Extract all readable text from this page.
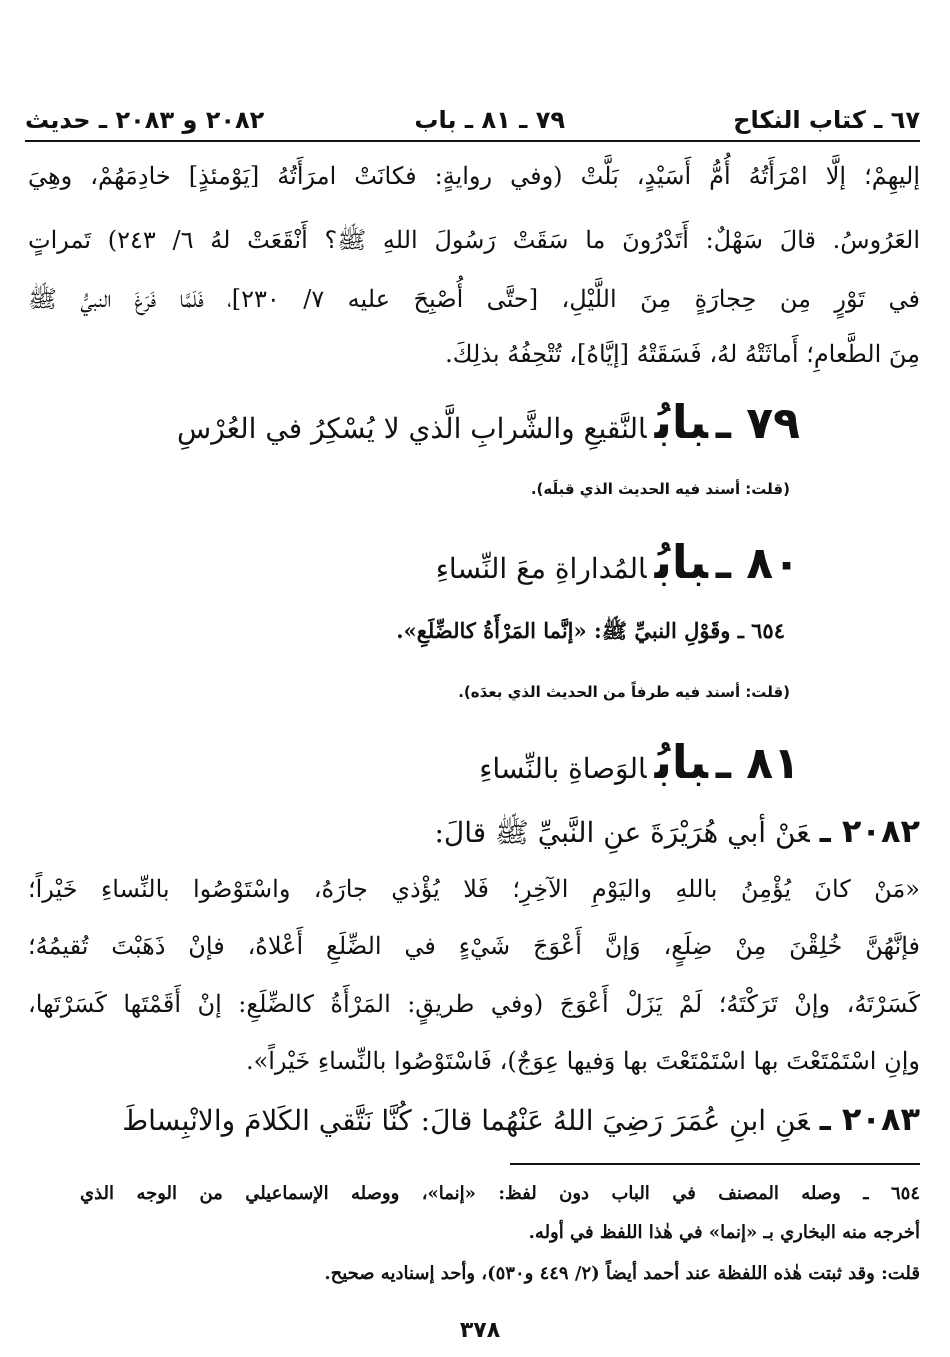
٦٧ ـ كتاب النكاح
٧٩ ـ ٨١ ـ باب
٢٠٨٢ و ٢٠٨٣ ـ حديث
إليهِمْ؛ إلَّا امْرَأَتُهُ أُمُّ أَسَيْدٍ، بَلَّتْ (وفي روايةٍ: فكانَتْ امرَأَتُهُ [يَوْمئذٍ] خادِمَهُمْ، وهِيَ
العَرُوسُ. قالَ سَهْلٌ: أَتَدْرُونَ ما سَقَتْ رَسُولَ اللهِ ﷺ؟ أَنْقَعَتْ لهُ ٦/ ٢٤٣) تَمراتٍ
في تَوْرٍ مِن حِجارَةٍ مِنَ اللَّيْلِ، [حتَّى أُصْبِحَ عليه ٧/ ٢٣٠]، فَلَمَّا فَرَغَ النبيُّ ﷺ
مِنَ الطَّعامِ؛ أَماثَتْهُ لهُ، فَسَقَتْهُ [إيَّاهُ]، تُتْحِفُهُ بذلِكَ.
٧٩ ـبابُالنَّقيعِ والشَّرابِ الَّذي لا يُسْكِرُ في العُرْسِ
(قلت: أسند فيه الحديث الذي قبلَه).
٨٠ ـبابُالمُداراةِ معَ النِّساءِ
٦٥٤ ـ وقَوْلِ النبيِّ ﷺ: «إنَّما المَرْأَةُ كالضِّلَعِ».
(قلت: أسند فيه طرفاً من الحديث الذي بعدَه).
٨١ ـبابُالوَصاةِ بالنِّساءِ
٢٠٨٢ ـعَنْ أبي هُرَيْرَةَ عنِ النَّبيِّ ﷺ قالَ:
«مَنْ كانَ يُؤْمِنُ باللهِ واليَوْمِ الآخِرِ؛ فَلا يُؤْذي جارَهُ، واسْتَوْصُوا بالنِّساءِ خَيْراً؛
فإنَّهُنَّ خُلِقْنَ مِنْ ضِلَعٍ، وَإنَّ أَعْوَجَ شَيْءٍ في الضِّلَعِ أَعْلاهُ، فإنْ ذَهَبْتَ تُقيمُهُ؛
كَسَرْتَهُ، وإنْ تَرَكْتَهُ؛ لَمْ يَزَلْ أَعْوَجَ (وفي طريقٍ: المَرْأَةُ كالضِّلَعِ: إنْ أَقَمْتَها كَسَرْتَها،
وإنِ اسْتَمْتَعْتَ بها اسْتَمْتَعْتَ بها وَفيها عِوَجٌ)، فَاسْتَوْصُوا بالنِّساءِ خَيْراً».
٢٠٨٣ ـعَنِ ابنِ عُمَرَ رَضِيَ اللهُ عَنْهُما قالَ: كُنَّا نَتَّقي الكَلامَ والانْبِساطَ
٦٥٤ ـ وصله المصنف في الباب دون لفظ: «إنما»، ووصله الإسماعيلي من الوجه الذي
أخرجه منه البخاري بـ «إنما» في هٰذا اللفظ في أوله.
قلت: وقد ثبتت هٰذه اللفظة عند أحمد أيضاً (٢/ ٤٤٩ و٥٣٠)، وأحد إسناديه صحيح.
٣٧٨
